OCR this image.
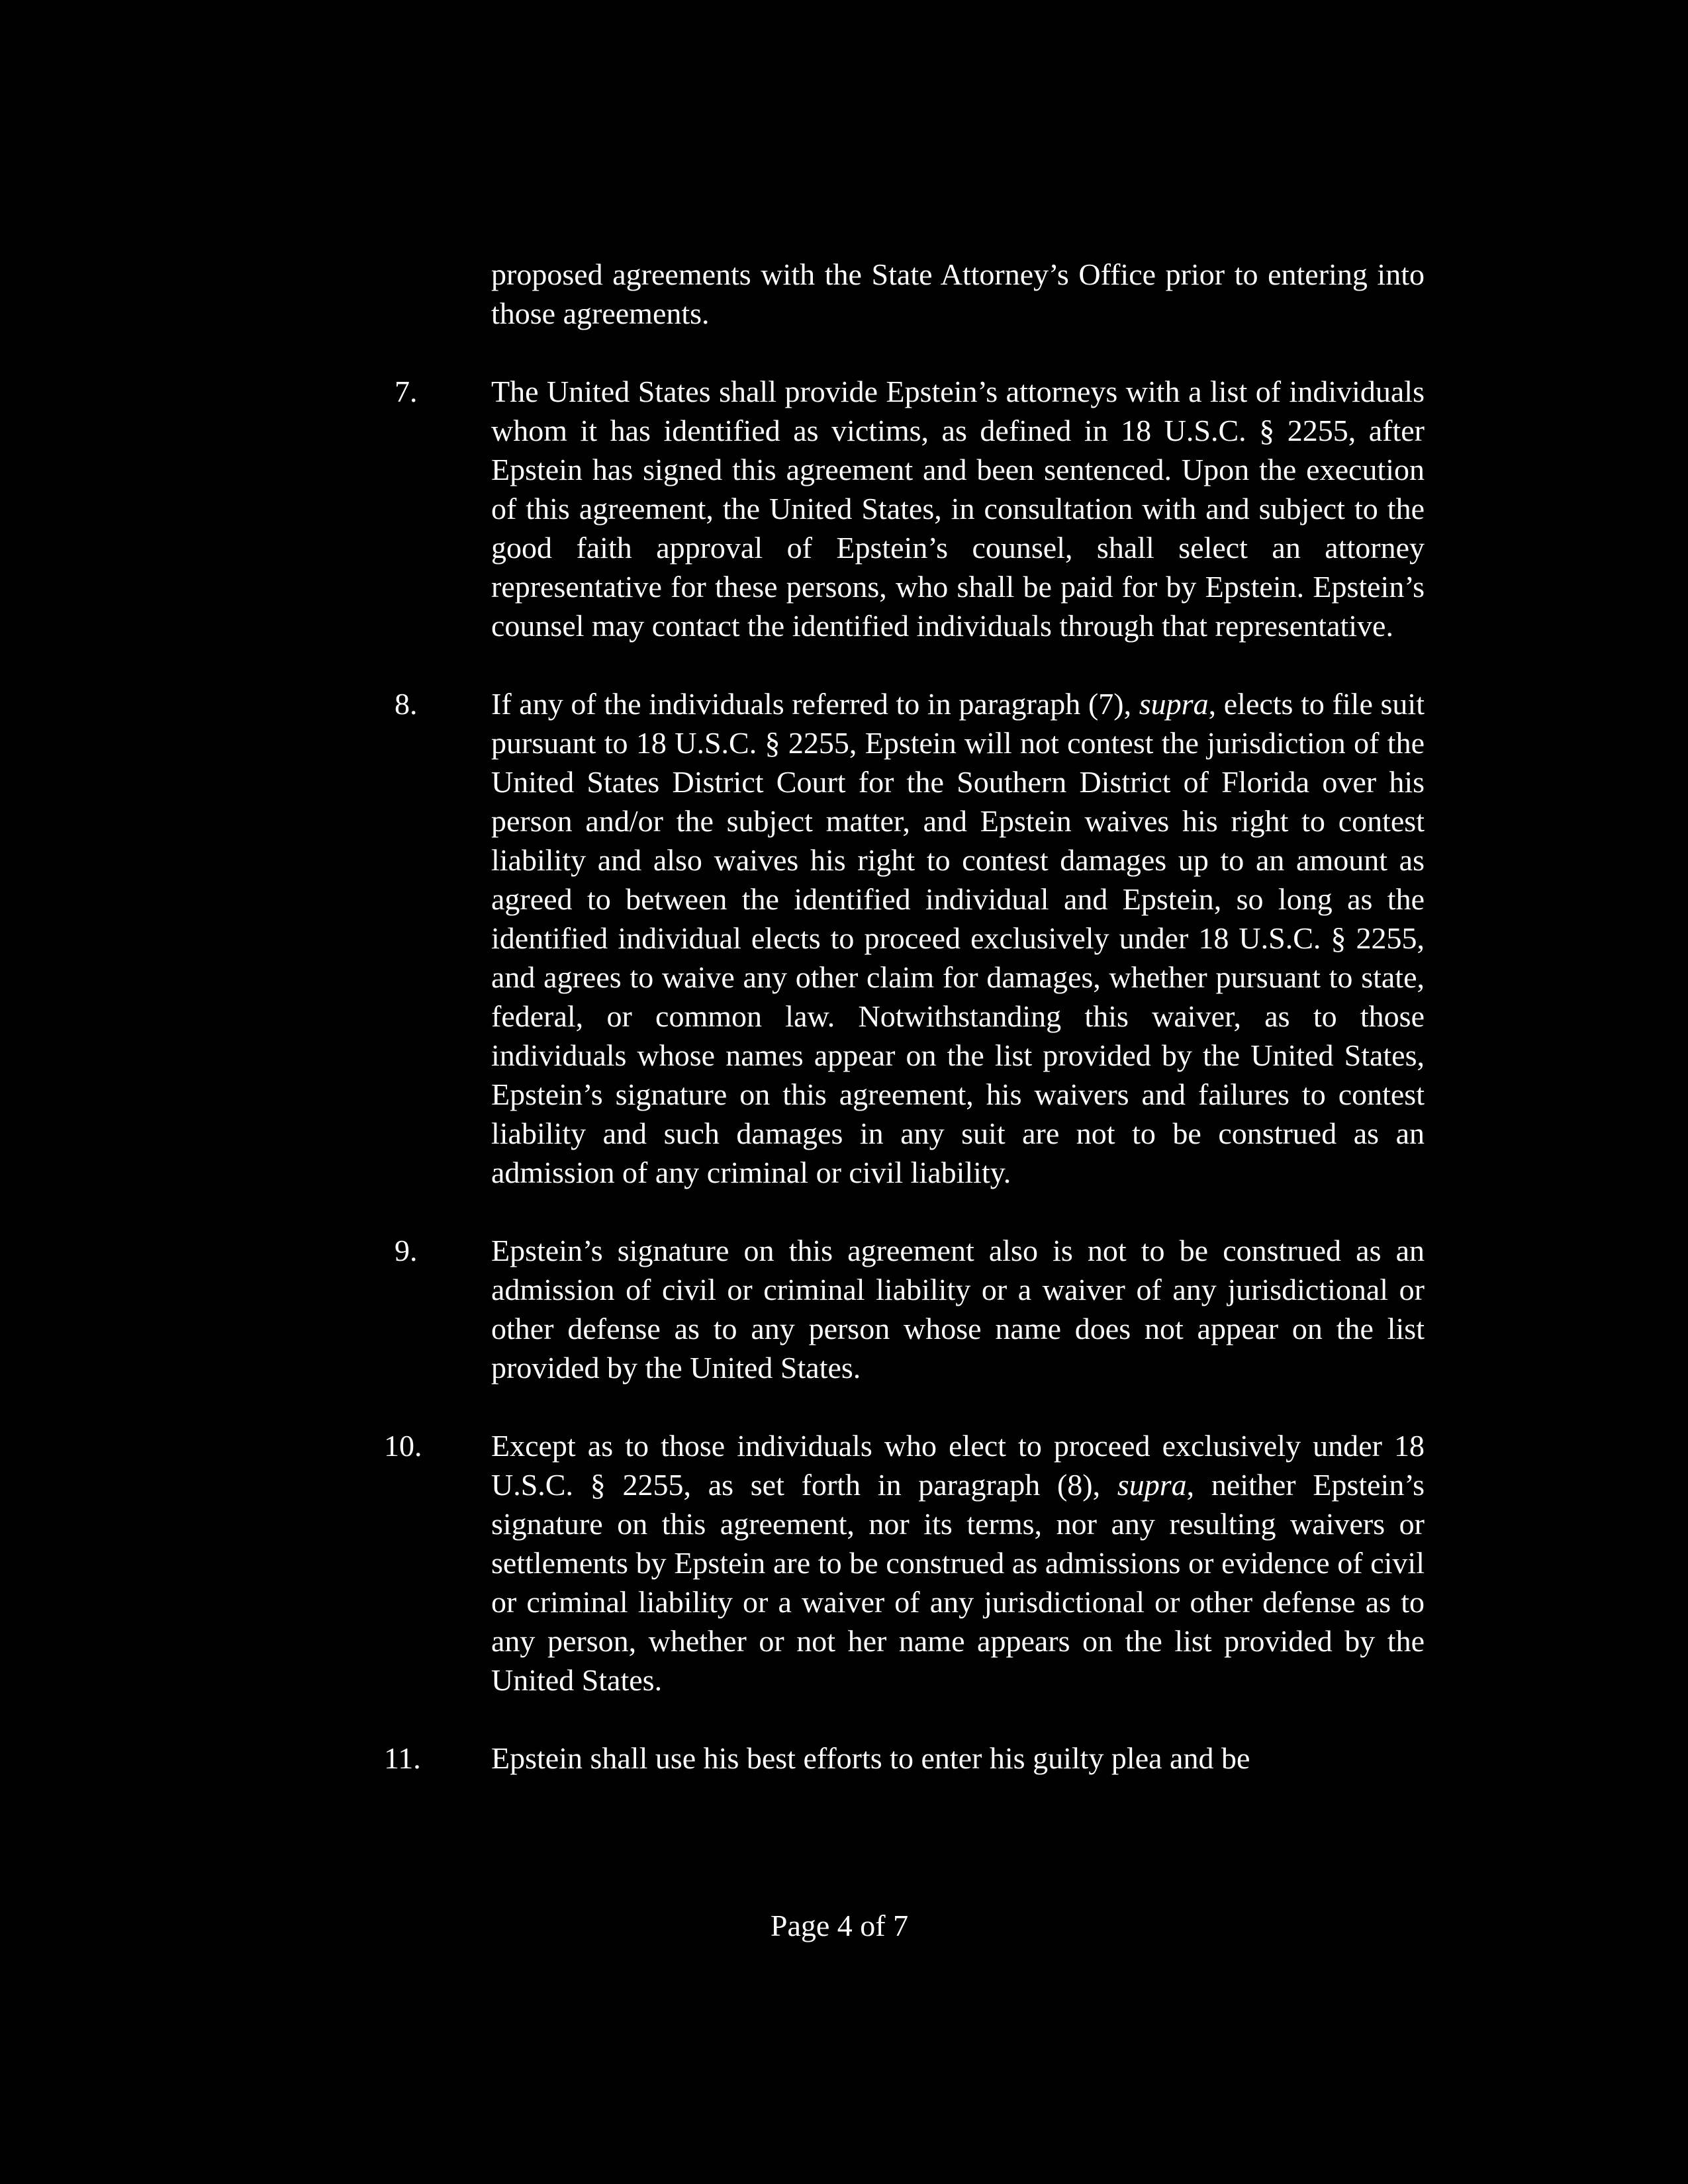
proposed agreements with the State Attorney’s Office prior to entering into those agreements.

7.	The United States shall provide Epstein’s attorneys with a list of individuals whom it has identified as victims, as defined in 18 U.S.C. § 2255, after Epstein has signed this agreement and been sentenced. Upon the execution of this agreement, the United States, in consultation with and subject to the good faith approval of Epstein’s counsel, shall select an attorney representative for these persons, who shall be paid for by Epstein. Epstein’s counsel may contact the identified individuals through that representative.

8.	If any of the individuals referred to in paragraph (7), supra, elects to file suit pursuant to 18 U.S.C. § 2255, Epstein will not contest the jurisdiction of the United States District Court for the Southern District of Florida over his person and/or the subject matter, and Epstein waives his right to contest liability and also waives his right to contest damages up to an amount as agreed to between the identified individual and Epstein, so long as the identified individual elects to proceed exclusively under 18 U.S.C. § 2255, and agrees to waive any other claim for damages, whether pursuant to state, federal, or common law. Notwithstanding this waiver, as to those individuals whose names appear on the list provided by the United States, Epstein’s signature on this agreement, his waivers and failures to contest liability and such damages in any suit are not to be construed as an admission of any criminal or civil liability.

9.	Epstein’s signature on this agreement also is not to be construed as an admission of civil or criminal liability or a waiver of any jurisdictional or other defense as to any person whose name does not appear on the list provided by the United States.

10.	Except as to those individuals who elect to proceed exclusively under 18 U.S.C. § 2255, as set forth in paragraph (8), supra, neither Epstein’s signature on this agreement, nor its terms, nor any resulting waivers or settlements by Epstein are to be construed as admissions or evidence of civil or criminal liability or a waiver of any jurisdictional or other defense as to any person, whether or not her name appears on the list provided by the United States.

11.	Epstein shall use his best efforts to enter his guilty plea and be

Page 4 of 7
